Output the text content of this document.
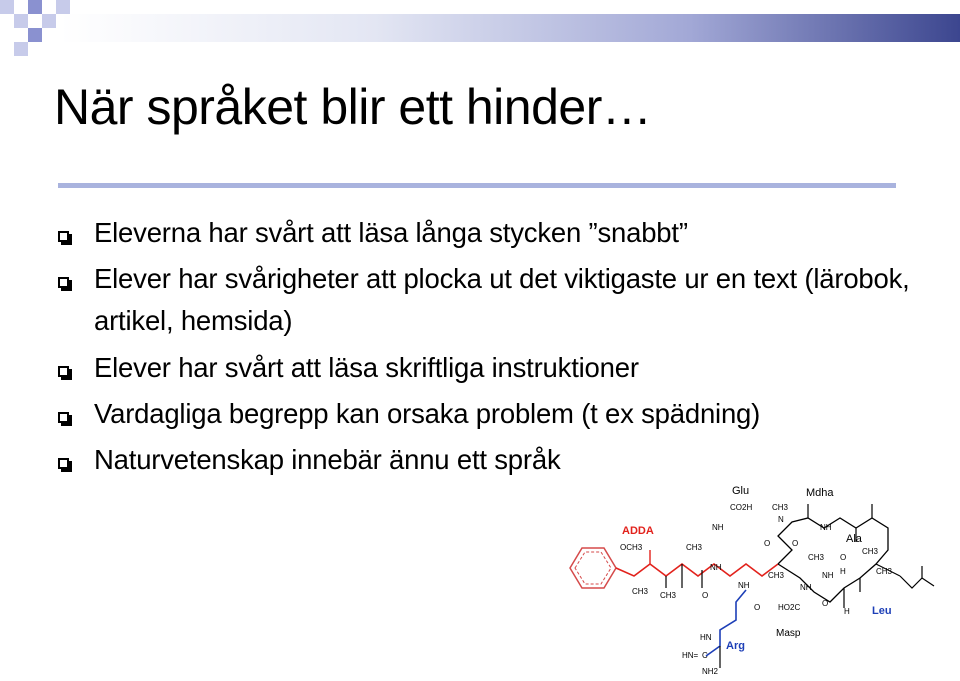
När språket blir ett hinder…
Eleverna har svårt att läsa långa stycken ”snabbt”
Elever har svårigheter att plocka ut det viktigaste ur en text (lärobok, artikel, hemsida)
Elever har svårt att läsa skriftliga instruktioner
Vardagliga begrepp kan orsaka problem (t ex spädning)
Naturvetenskap innebär ännu ett språk
Glu	Mdha
ADDA
Ala
Leu
Arg
Masp
CO2H CH3
NH
N
NH
O	O
O
OCH3	CH3
NH
CH3
CH3 CH3
CH3
O
NH	NH
NH H	CH3
CH3
O HO2C	O
H
HN
HN= C
NH2
